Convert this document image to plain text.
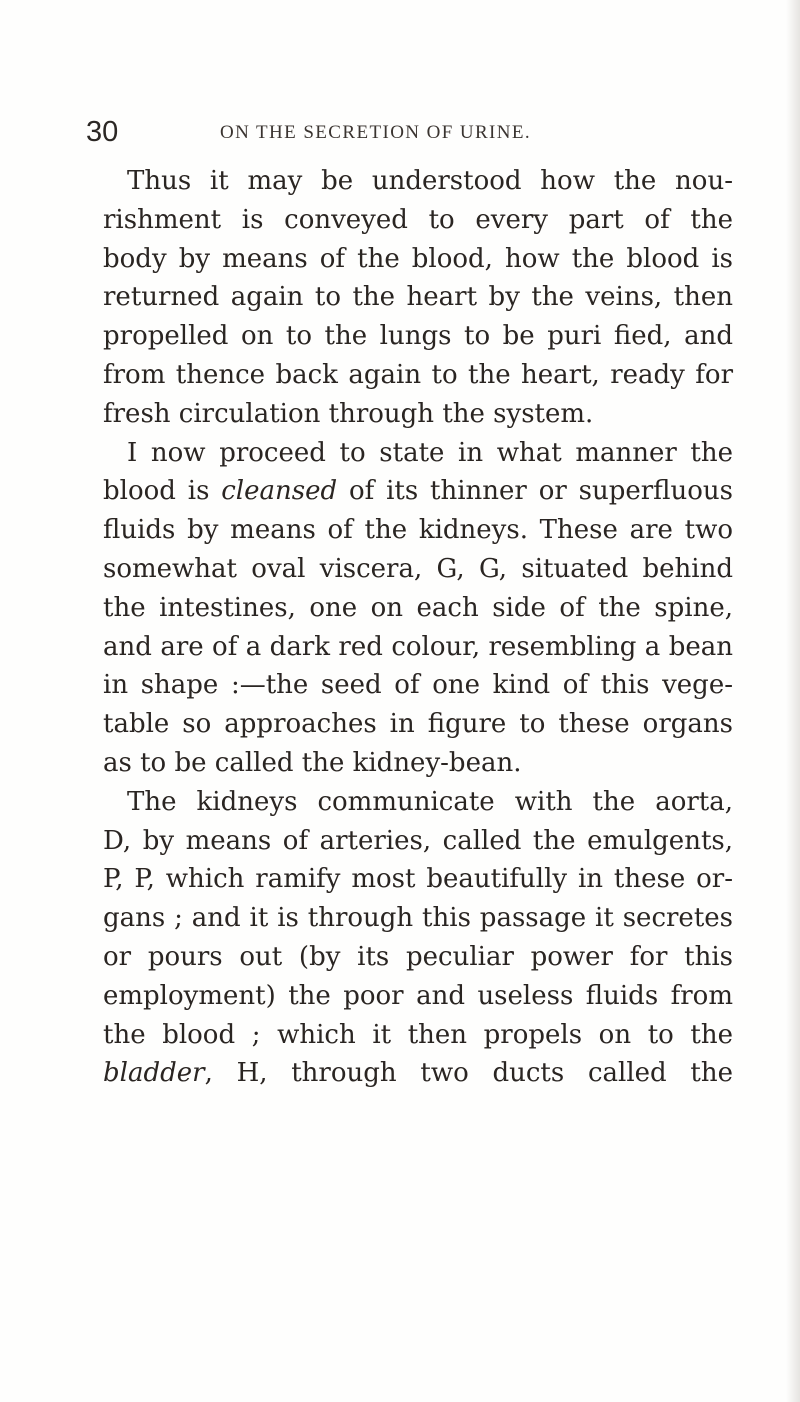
30	ON THE SECRETION OF URINE.
Thus it may be understood how the nou-
rishment is conveyed to every part of the
body by means of the blood, how the blood is
returned again to the heart by the veins, then
propelled on to the lungs to be puri fied, and
from thence back again to the heart, ready for
fresh circulation through the system.
I now proceed to state in what manner the
blood is cleansed of its thinner or superfluous
fluids by means of the kidneys. These are two
somewhat oval viscera, G, G, situated behind
the intestines, one on each side of the spine,
and are of a dark red colour, resembling a bean
in shape :—the seed of one kind of this vege-
table so approaches in figure to these organs
as to be called the kidney-bean.
The kidneys communicate with the aorta,
D, by means of arteries, called the emulgents,
P, P, which ramify most beautifully in these or-
gans ; and it is through this passage it secretes
or pours out (by its peculiar power for this
employment) the poor and useless fluids from
the blood ; which it then propels on to the
bladder, H, through two ducts called the
